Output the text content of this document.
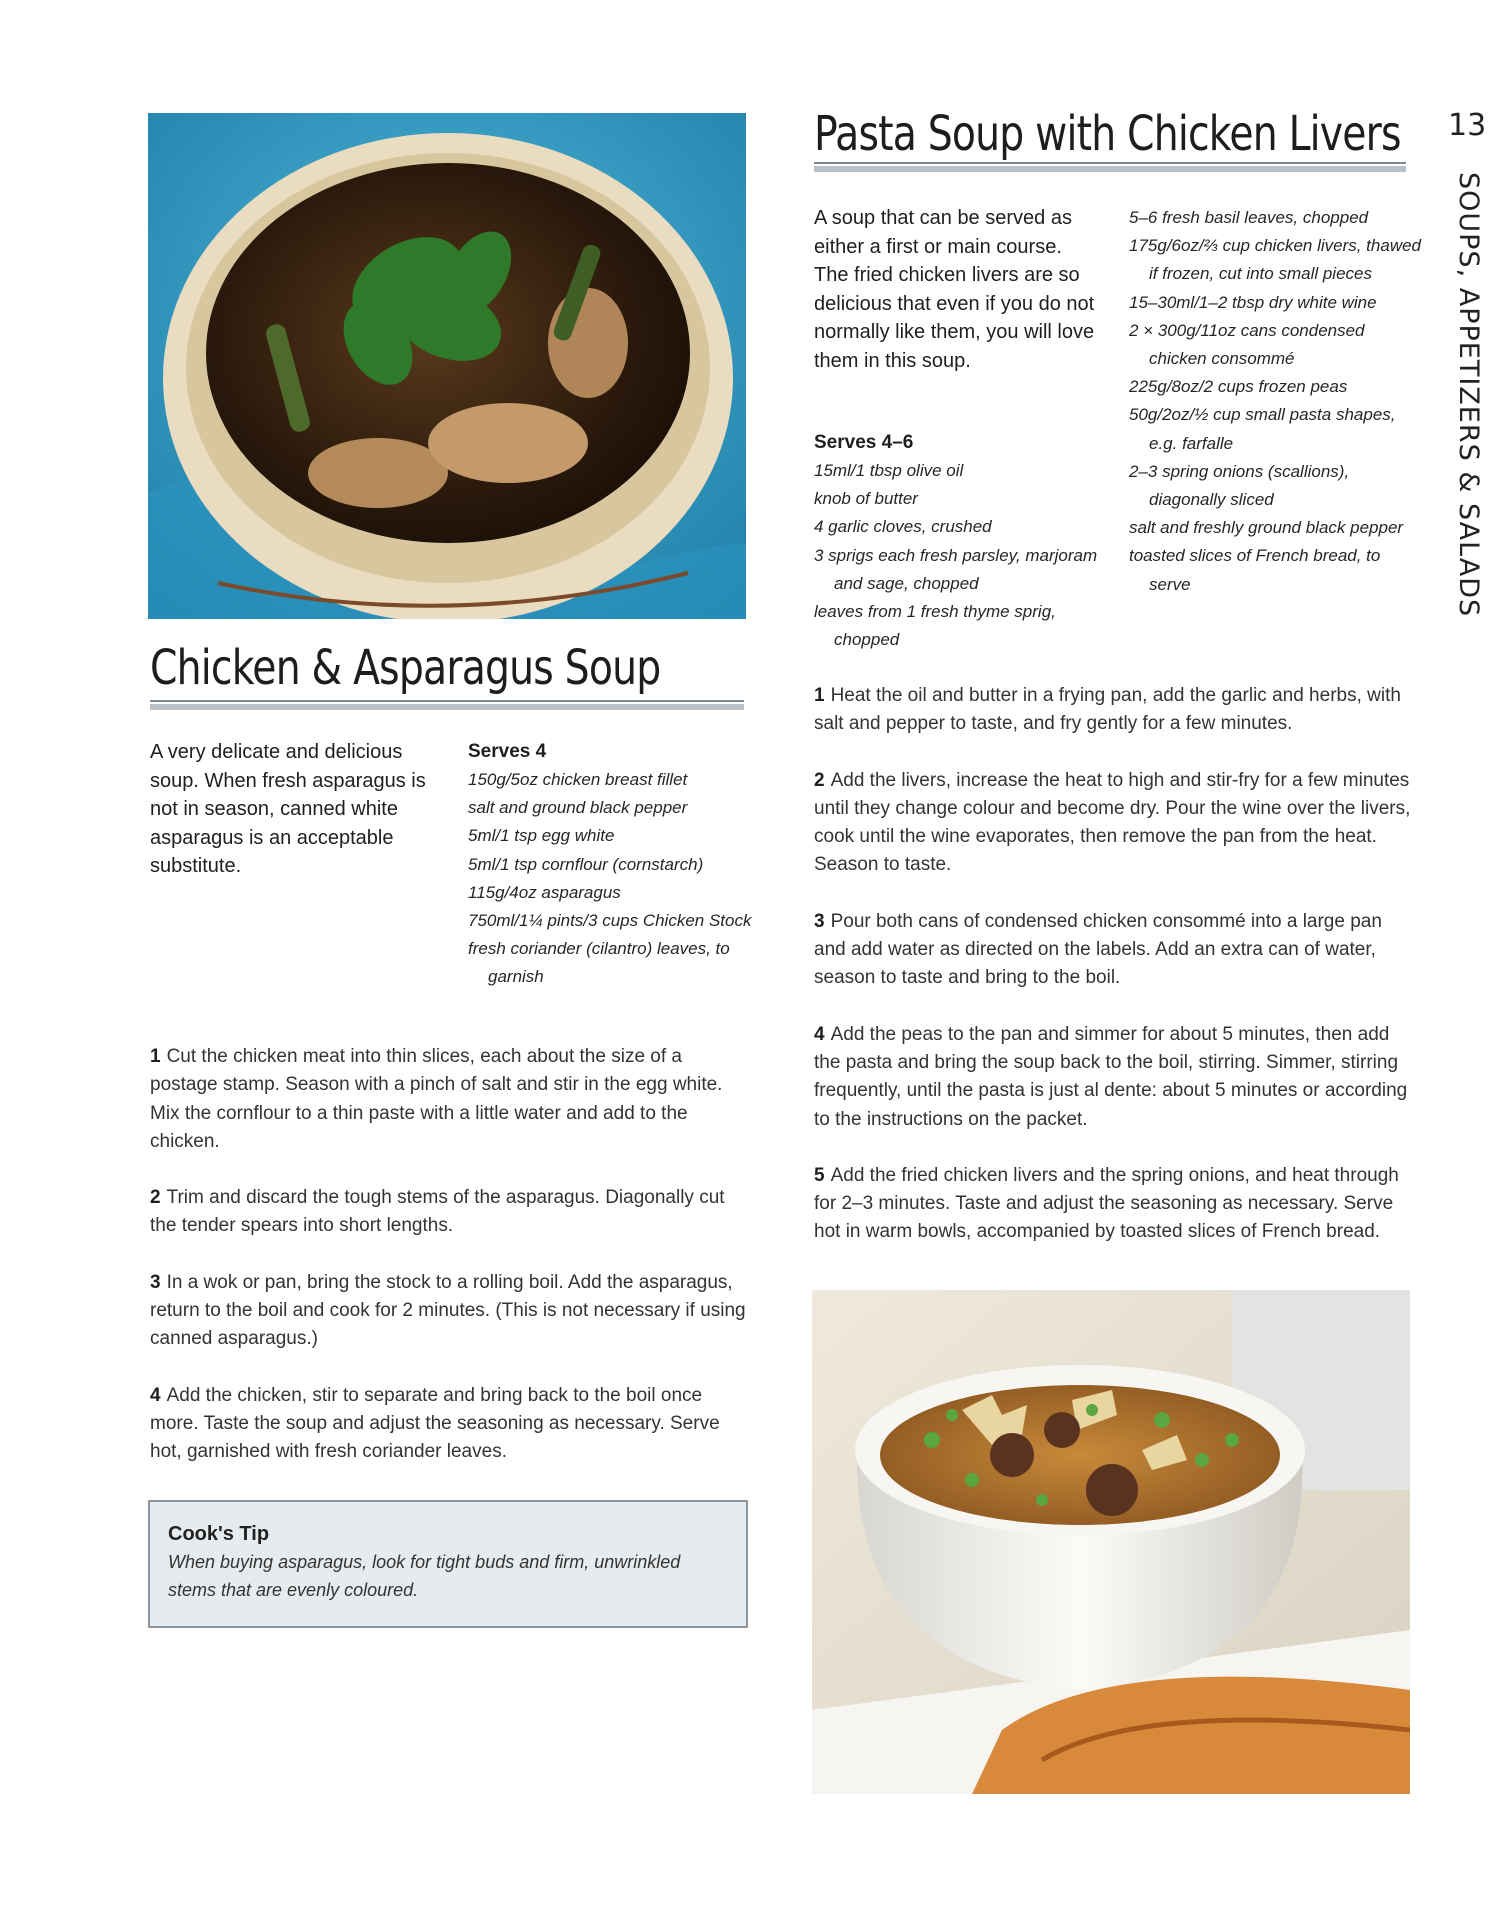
Chicken & Asparagus Soup
A very delicate and delicious soup. When fresh asparagus is not in season, canned white asparagus is an acceptable substitute.
Serves 4
150g/5oz chicken breast fillet
salt and ground black pepper
5ml/1 tsp egg white
5ml/1 tsp cornflour (cornstarch)
115g/4oz asparagus
750ml/1¼ pints/3 cups Chicken Stock
fresh coriander (cilantro) leaves, to garnish

1 Cut the chicken meat into thin slices, each about the size of a postage stamp. Season with a pinch of salt and stir in the egg white. Mix the cornflour to a thin paste with a little water and add to the chicken.

2 Trim and discard the tough stems of the asparagus. Diagonally cut the tender spears into short lengths.

3 In a wok or pan, bring the stock to a rolling boil. Add the asparagus, return to the boil and cook for 2 minutes. (This is not necessary if using canned asparagus.)

4 Add the chicken, stir to separate and bring back to the boil once more. Taste the soup and adjust the seasoning as necessary. Serve hot, garnished with fresh coriander leaves.

Cook's Tip
When buying asparagus, look for tight buds and firm, unwrinkled stems that are evenly coloured.
Pasta Soup with Chicken Livers
A soup that can be served as either a first or main course. The fried chicken livers are so delicious that even if you do not normally like them, you will love them in this soup.
Serves 4–6
15ml/1 tbsp olive oil
knob of butter
4 garlic cloves, crushed
3 sprigs each fresh parsley, marjoram and sage, chopped
leaves from 1 fresh thyme sprig, chopped
5–6 fresh basil leaves, chopped
175g/6oz/⅔ cup chicken livers, thawed if frozen, cut into small pieces
15–30ml/1–2 tbsp dry white wine
2 × 300g/11oz cans condensed chicken consommé
225g/8oz/2 cups frozen peas
50g/2oz/½ cup small pasta shapes, e.g. farfalle
2–3 spring onions (scallions), diagonally sliced
salt and freshly ground black pepper
toasted slices of French bread, to serve

1 Heat the oil and butter in a frying pan, add the garlic and herbs, with salt and pepper to taste, and fry gently for a few minutes.

2 Add the livers, increase the heat to high and stir-fry for a few minutes until they change colour and become dry. Pour the wine over the livers, cook until the wine evaporates, then remove the pan from the heat. Season to taste.

3 Pour both cans of condensed chicken consommé into a large pan and add water as directed on the labels. Add an extra can of water, season to taste and bring to the boil.

4 Add the peas to the pan and simmer for about 5 minutes, then add the pasta and bring the soup back to the boil, stirring. Simmer, stirring frequently, until the pasta is just al dente: about 5 minutes or according to the instructions on the packet.

5 Add the fried chicken livers and the spring onions, and heat through for 2–3 minutes. Taste and adjust the seasoning as necessary. Serve hot in warm bowls, accompanied by toasted slices of French bread.

13
SOUPS, APPETIZERS & SALADS
